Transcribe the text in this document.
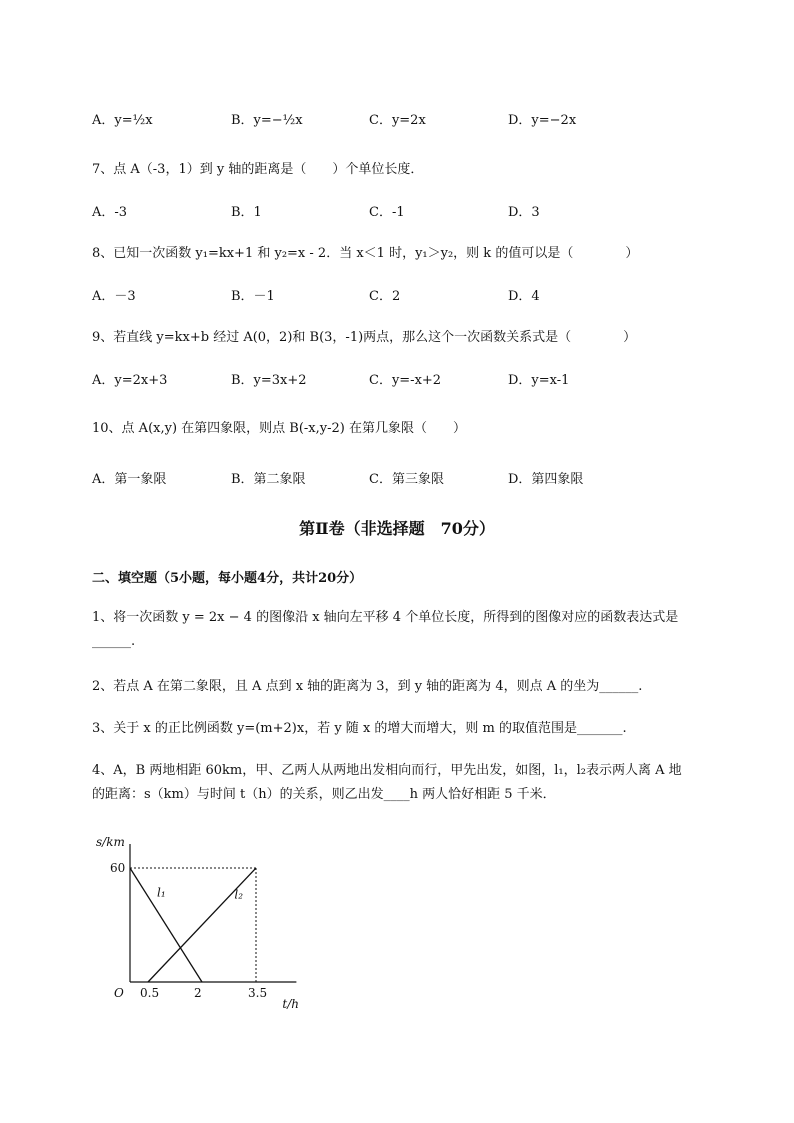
A．y=½x	B．y=−½x	C．y=2x	D．y=−2x
7、点 A（-3，1）到 y 轴的距离是（　　）个单位长度．
A．-3	B．1	C．-1	D．3
8、已知一次函数 y₁=kx+1 和 y₂=x - 2．当 x＜1 时，y₁＞y₂，则 k 的值可以是（　　　　）
A．－3	B．－1	C．2	D．4
9、若直线 y=kx+b 经过 A(0，2)和 B(3，-1)两点，那么这个一次函数关系式是（　　　　）
A．y=2x+3	B．y=3x+2	C．y=-x+2	D．y=x-1
10、点 A(x,y) 在第四象限，则点 B(-x,y-2) 在第几象限（　　）
A．第一象限	B．第二象限	C．第三象限	D．第四象限
第Ⅱ卷（非选择题　70分）
二、填空题（5小题，每小题4分，共计20分）
1、将一次函数 y = 2x − 4 的图像沿 x 轴向左平移 4 个单位长度，所得到的图像对应的函数表达式是
______.
2、若点 A 在第二象限，且 A 点到 x 轴的距离为 3，到 y 轴的距离为 4，则点 A 的坐为______.
3、关于 x 的正比例函数 y=(m+2)x，若 y 随 x 的增大而增大，则 m 的取值范围是_______.
4、A，B 两地相距 60km，甲、乙两人从两地出发相向而行，甲先出发，如图，l₁，l₂表示两人离 A 地
的距离：s（km）与时间 t（h）的关系，则乙出发____h 两人恰好相距 5 千米．
s/km
t/h
O
60
0.5	2	3.5
l₁	l₂
